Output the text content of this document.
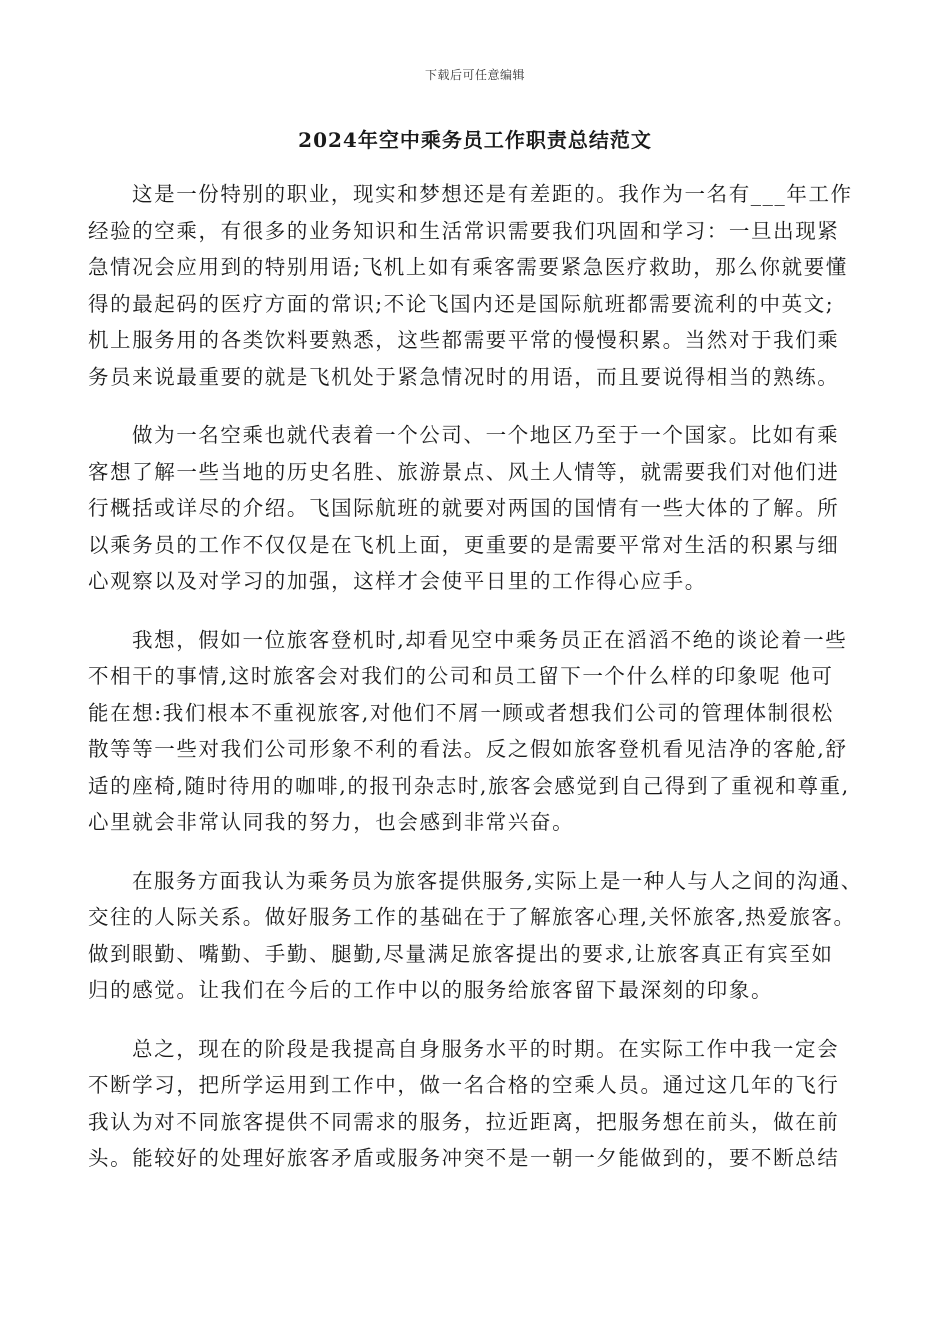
下载后可任意编辑
2024年空中乘务员工作职责总结范文
这是一份特别的职业，现实和梦想还是有差距的。我作为一名有___年工作
经验的空乘，有很多的业务知识和生活常识需要我们巩固和学习：一旦出现紧
急情况会应用到的特别用语;飞机上如有乘客需要紧急医疗救助，那么你就要懂
得的最起码的医疗方面的常识;不论飞国内还是国际航班都需要流利的中英文;
机上服务用的各类饮料要熟悉，这些都需要平常的慢慢积累。当然对于我们乘
务员来说最重要的就是飞机处于紧急情况时的用语，而且要说得相当的熟练。
做为一名空乘也就代表着一个公司、一个地区乃至于一个国家。比如有乘
客想了解一些当地的历史名胜、旅游景点、风土人情等，就需要我们对他们进
行概括或详尽的介绍。飞国际航班的就要对两国的国情有一些大体的了解。所
以乘务员的工作不仅仅是在飞机上面，更重要的是需要平常对生活的积累与细
心观察以及对学习的加强，这样才会使平日里的工作得心应手。
我想，假如一位旅客登机时,却看见空中乘务员正在滔滔不绝的谈论着一些
不相干的事情,这时旅客会对我们的公司和员工留下一个什么样的印象呢 他可
能在想:我们根本不重视旅客,对他们不屑一顾或者想我们公司的管理体制很松
散等等一些对我们公司形象不利的看法。反之假如旅客登机看见洁净的客舱,舒
适的座椅,随时待用的咖啡,的报刊杂志时,旅客会感觉到自己得到了重视和尊重,
心里就会非常认同我的努力，也会感到非常兴奋。
在服务方面我认为乘务员为旅客提供服务,实际上是一种人与人之间的沟通、
交往的人际关系。做好服务工作的基础在于了解旅客心理,关怀旅客,热爱旅客。
做到眼勤、嘴勤、手勤、腿勤,尽量满足旅客提出的要求,让旅客真正有宾至如
归的感觉。让我们在今后的工作中以的服务给旅客留下最深刻的印象。
总之，现在的阶段是我提高自身服务水平的时期。在实际工作中我一定会
不断学习，把所学运用到工作中，做一名合格的空乘人员。通过这几年的飞行
我认为对不同旅客提供不同需求的服务，拉近距离，把服务想在前头，做在前
头。能较好的处理好旅客矛盾或服务冲突不是一朝一夕能做到的，要不断总结
